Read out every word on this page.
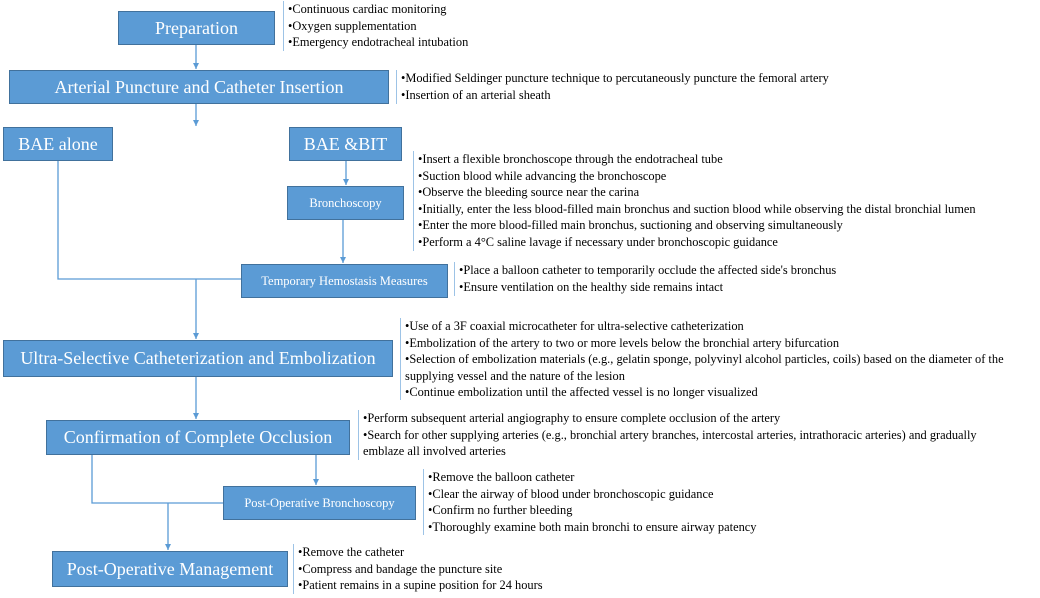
Preparation
Arterial Puncture and Catheter Insertion
BAE alone	BAE &BIT
Bronchoscopy
Temporary Hemostasis Measures
Ultra-Selective Catheterization and Embolization
Confirmation of Complete Occlusion
Post-Operative Bronchoscopy
Post-Operative Management
•Continuous cardiac monitoring
•Oxygen supplementation
•Emergency endotracheal intubation
•Modified Seldinger puncture technique to percutaneously puncture the femoral artery
•Insertion of an arterial sheath
•Insert a flexible bronchoscope through the endotracheal tube
•Suction blood while advancing the bronchoscope
•Observe the bleeding source near the carina
•Initially, enter the less blood-filled main bronchus and suction blood while observing the distal bronchial lumen
•Enter the more blood-filled main bronchus, suctioning and observing simultaneously
•Perform a 4°C saline lavage if necessary under bronchoscopic guidance
•Place a balloon catheter to temporarily occlude the affected side's bronchus
•Ensure ventilation on the healthy side remains intact
•Use of a 3F coaxial microcatheter for ultra-selective catheterization
•Embolization of the artery to two or more levels below the bronchial artery bifurcation
•Selection of embolization materials (e.g., gelatin sponge, polyvinyl alcohol particles, coils) based on the diameter of the supplying vessel and the nature of the lesion
•Continue embolization until the affected vessel is no longer visualized
•Perform subsequent arterial angiography to ensure complete occlusion of the artery
•Search for other supplying arteries (e.g., bronchial artery branches, intercostal arteries, intrathoracic arteries) and gradually emblaze all involved arteries
•Remove the balloon catheter
•Clear the airway of blood under bronchoscopic guidance
•Confirm no further bleeding
•Thoroughly examine both main bronchi to ensure airway patency
•Remove the catheter
•Compress and bandage the puncture site
•Patient remains in a supine position for 24 hours
